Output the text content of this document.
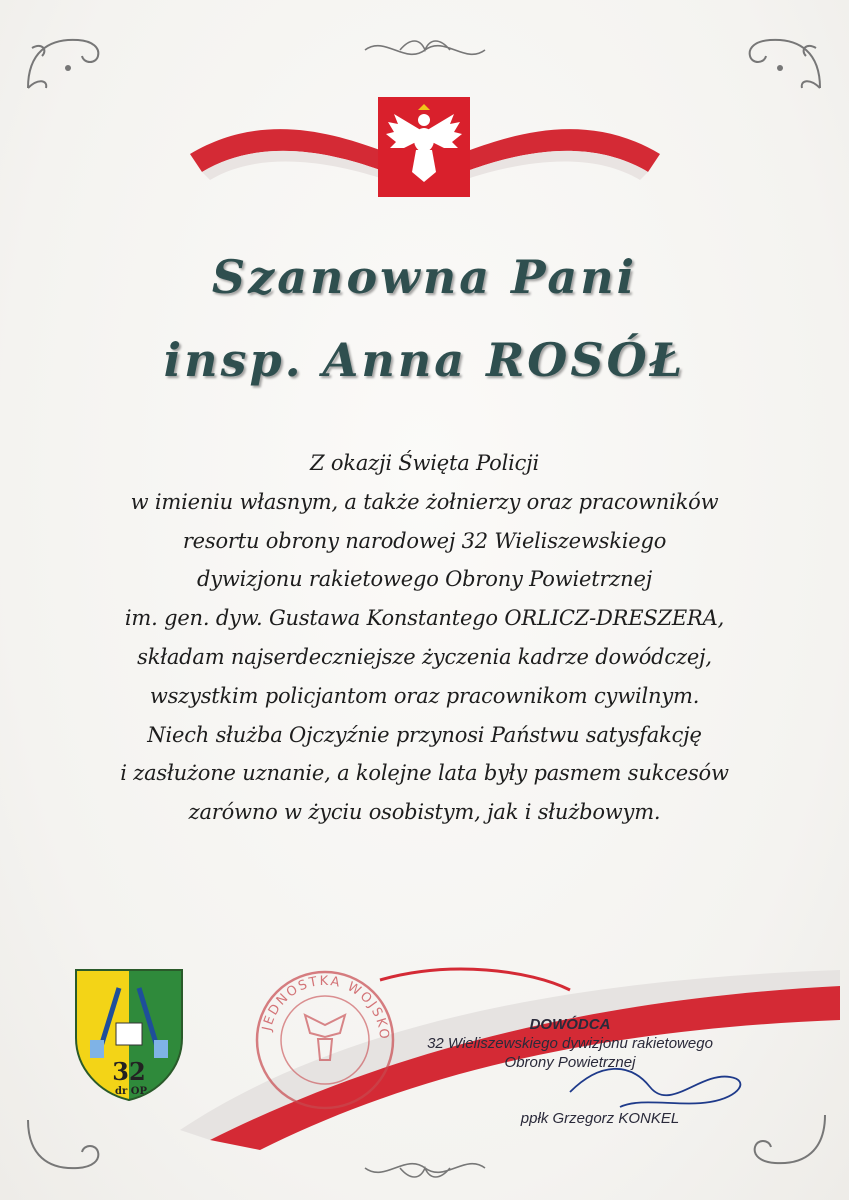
Szanowna Pani
insp. Anna ROSÓŁ
Z okazji Święta Policji
w imieniu własnym, a także żołnierzy oraz pracowników
resortu obrony narodowej 32 Wieliszewskiego
dywizjonu rakietowego Obrony Powietrznej
im. gen. dyw. Gustawa Konstantego ORLICZ-DRESZERA,
składam najserdeczniejsze życzenia kadrze dowódczej,
wszystkim policjantom oraz pracownikom cywilnym.
Niech służba Ojczyźnie przynosi Państwu satysfakcję
i zasłużone uznanie, a kolejne lata były pasmem sukcesów
zarówno w życiu osobistym, jak i służbowym.
32
dr OP
JEDNOSTKA WOJSKO
DOWÓDCA
32 Wieliszewskiego dywizjonu rakietowego
Obrony Powietrznej
ppłk Grzegorz KONKEL
